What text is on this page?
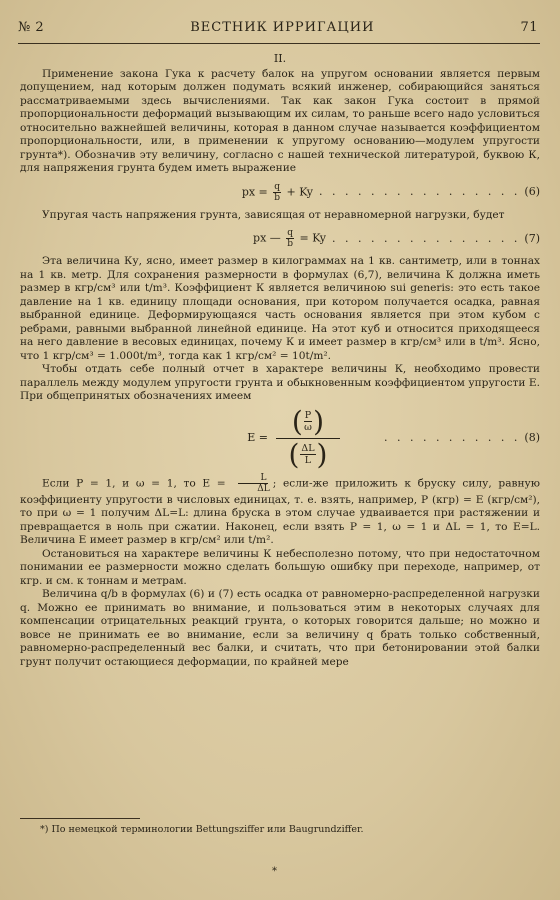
№ 2	ВЕСТНИК ИРРИГАЦИИ	71
II.

Применение закона Гука к расчету балок на упругом основании является первым допущением, над которым должен подумать всякий инженер, собирающийся заняться рассматриваемыми здесь вычислениями. Так как закон Гука состоит в прямой пропорциональности деформаций вызывающим их силам, то раньше всего надо условиться относительно важнейшей величины, которая в данном случае называется коэффициентом пропорциональности, или, в применении к упругому основанию—модулем упругости грунта*). Обозначив эту величину, согласно с нашей технической литературой, буквою К, для напряжения грунта будем иметь выражение

px = $\frac{q}{b} + Ky$ . . . . . . . . . . . . . . . . (6)

Упругая часть напряжения грунта, зависящая от неравномерной нагрузки, будет

px — $\frac{q}{b} = Ky$ . . . . . . . . . . . . . . . (7)

Эта величина Ку, ясно, имеет размер в килограммах на 1 кв. сантиметр, или в тоннах на 1 кв. метр. Для сохранения размерности в формулах (6,7), величина К должна иметь размер в кгр/см³ или t/m³. Коэффициент К является величиною sui generis: это есть такое давление на 1 кв. единицу площади основания, при котором получается осадка, равная выбранной единице. Деформирующаяся часть основания является при этом кубом с ребрами, равными выбранной линейной единице. На этот куб и относится приходящееся на него давление в весовых единицах, почему К и имеет размер в кгр/см³ или в t/m³. Ясно, что 1 кгр/см³ = 1.000t/m³, тогда как 1 кгр/см² = 10t/m².

Чтобы отдать себе полный отчет в характере величины К, необходимо провести параллель между модулем упругости грунта и обыкновенным коэффициентом упругости Е. При общепринятых обозначениях имеем

E =
( $\frac{P}{\omega}$ )
( $\frac{\Delta L}{L}$ )	. . . . . . . . . . . (8)

Если Р = 1, и ω = 1, то $Е = \frac{L}{\Delta L}$ ; если-же приложить к бруску силу, равную коэффициенту упругости в числовых единицах, т. е. взять, например, Р (кгр) = Е (кгр/см²), то при ω = 1 получим ΔL=L: длина бруска в этом случае удваивается при растяжении и превращается в ноль при сжатии. Наконец, если взять Р = 1, ω = 1 и ΔL = 1, то Е=L. Величина Е имеет размер в кгр/см² или t/m².

Остановиться на характере величины К небесполезно потому, что при недостаточном понимании ее размерности можно сделать большую ошибку при переходе, например, от кгр. и см. к тоннам и метрам.

Величина q/b в формулах (6) и (7) есть осадка от равномерно-распределенной нагрузки q. Можно ее принимать во внимание, и пользоваться этим в некоторых случаях для компенсации отрицательных реакций грунта, о которых говорится дальше; но можно и вовсе не принимать ее во внимание, если за величину q брать только собственный, равномерно-распределенный вес балки, и считать, что при бетонировании этой балки грунт получит остающиеся деформации, по крайней мере

*) По немецкой терминологии Bettungsziffer или Baugrundziffer.
*
